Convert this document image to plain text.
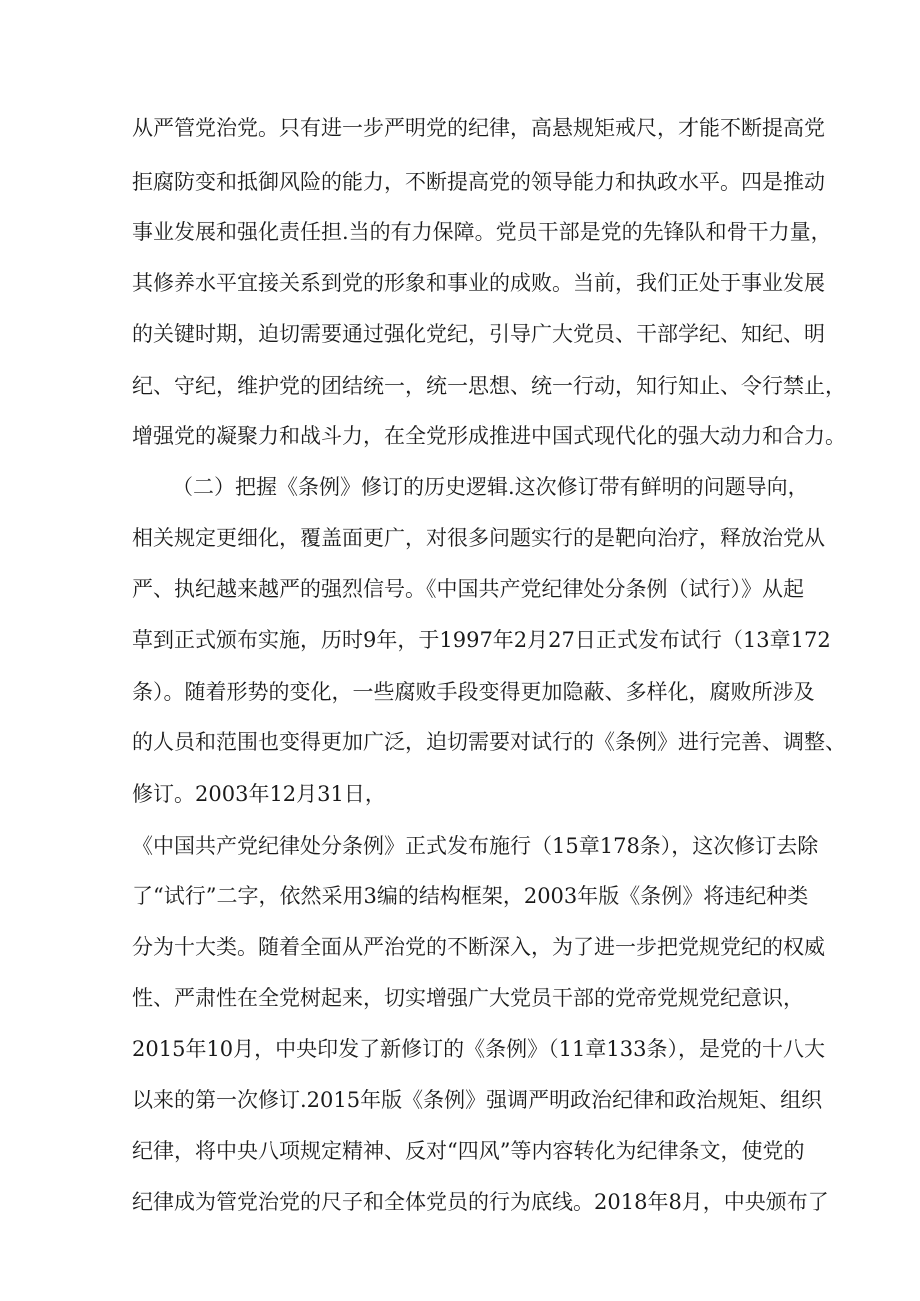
从严管党治党。只有进一步严明党的纪律，高悬规矩戒尺，才能不断提高党
拒腐防变和抵御风险的能力，不断提高党的领导能力和执政水平。四是推动
事业发展和强化责任担.当的有力保障。党员干部是党的先锋队和骨干力量，
其修养水平宜接关系到党的形象和事业的成败。当前，我们正处于事业发展
的关键时期，迫切需要通过强化党纪，引导广大党员、干部学纪、知纪、明
纪、守纪，维护党的团结统一，统一思想、统一行动，知行知止、令行禁止，
增强党的凝聚力和战斗力，在全党形成推进中国式现代化的强大动力和合力。
（二）把握《条例》修订的历史逻辑.这次修订带有鲜明的问题导向，
相关规定更细化，覆盖面更广，对很多问题实行的是靶向治疗，释放治党从
严、执纪越来越严的强烈信号。《中国共产党纪律处分条例（试行）》从起
草到正式颁布实施，历时9年，于1997年2月27日正式发布试行（13章172
条）。随着形势的变化，一些腐败手段变得更加隐蔽、多样化，腐败所涉及
的人员和范围也变得更加广泛，迫切需要对试行的《条例》进行完善、调整、
修订。2003年12月31日，
《中国共产党纪律处分条例》正式发布施行（15章178条），这次修订去除
了“试行”二字，依然采用3编的结构框架，2003年版《条例》将违纪种类
分为十大类。随着全面从严治党的不断深入，为了进一步把党规党纪的权威
性、严肃性在全党树起来，切实增强广大党员干部的党帝党规党纪意识，
2015年10月，中央印发了新修订的《条例》（11章133条），是党的十八大
以来的第一次修订.2015年版《条例》强调严明政治纪律和政治规矩、组织
纪律，将中央八项规定精神、反对“四风”等内容转化为纪律条文，使党的
纪律成为管党治党的尺子和全体党员的行为底线。2018年8月，中央颁布了
